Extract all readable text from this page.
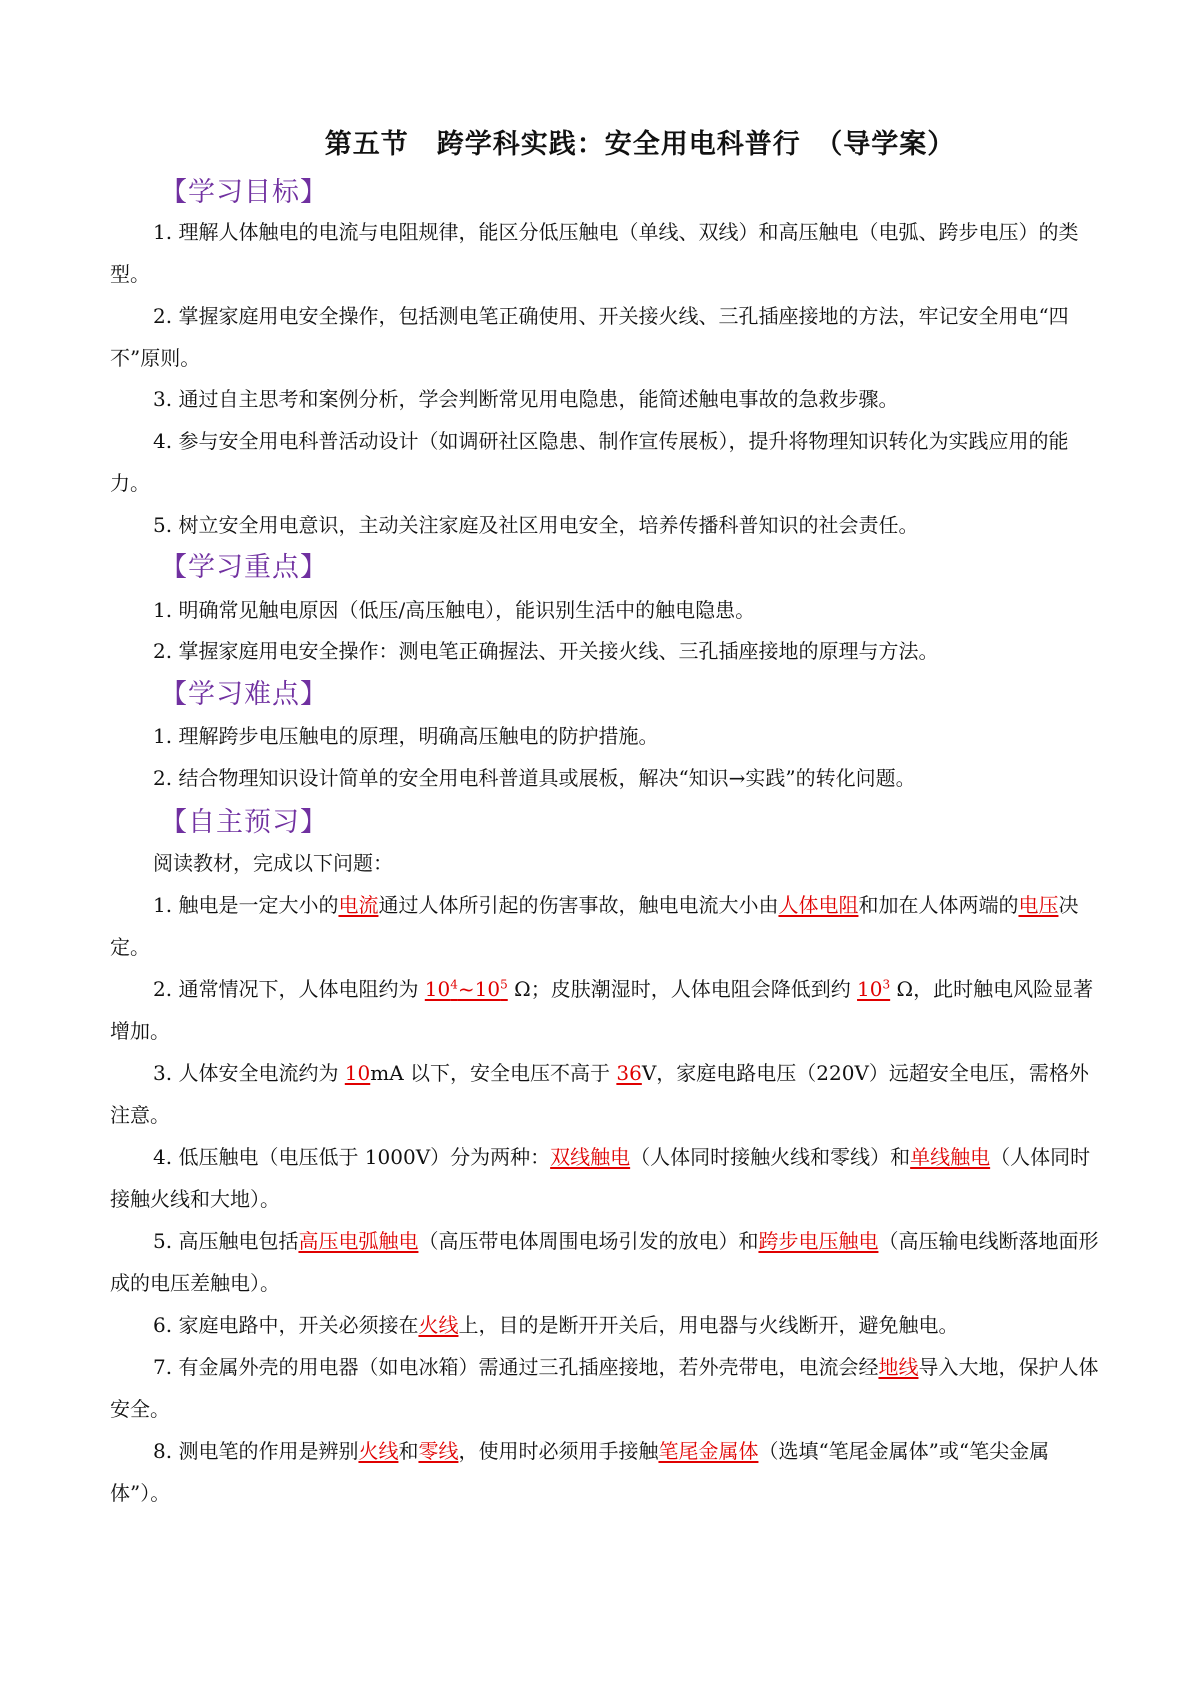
第五节　跨学科实践：安全用电科普行　（导学案）
【学习目标】
1. 理解人体触电的电流与电阻规律，能区分低压触电（单线、双线）和高压触电（电弧、跨步电压）的类型。
2. 掌握家庭用电安全操作，包括测电笔正确使用、开关接火线、三孔插座接地的方法，牢记安全用电“四不”原则。
3. 通过自主思考和案例分析，学会判断常见用电隐患，能简述触电事故的急救步骤。
4. 参与安全用电科普活动设计（如调研社区隐患、制作宣传展板），提升将物理知识转化为实践应用的能力。
5. 树立安全用电意识，主动关注家庭及社区用电安全，培养传播科普知识的社会责任。
【学习重点】
1. 明确常见触电原因（低压/高压触电），能识别生活中的触电隐患。
2. 掌握家庭用电安全操作：测电笔正确握法、开关接火线、三孔插座接地的原理与方法。
【学习难点】
1. 理解跨步电压触电的原理，明确高压触电的防护措施。
2. 结合物理知识设计简单的安全用电科普道具或展板，解决“知识→实践”的转化问题。
【自主预习】
阅读教材，完成以下问题：
1. 触电是一定大小的电流通过人体所引起的伤害事故，触电电流大小由人体电阻和加在人体两端的电压决定。
2. 通常情况下，人体电阻约为 $10^4\sim 10^5$ Ω；皮肤潮湿时，人体电阻会降低到约 $10^3$ Ω，此时触电风险显著增加。
3. 人体安全电流约为 10mA 以下，安全电压不高于 36V，家庭电路电压（220V）远超安全电压，需格外注意。
4. 低压触电（电压低于 1000V）分为两种：双线触电（人体同时接触火线和零线）和单线触电（人体同时接触火线和大地）。
5. 高压触电包括高压电弧触电（高压带电体周围电场引发的放电）和跨步电压触电（高压输电线断落地面形成的电压差触电）。
6. 家庭电路中，开关必须接在火线上，目的是断开开关后，用电器与火线断开，避免触电。
7. 有金属外壳的用电器（如电冰箱）需通过三孔插座接地，若外壳带电，电流会经地线导入大地，保护人体安全。
8. 测电笔的作用是辨别火线和零线，使用时必须用手接触笔尾金属体（选填“笔尾金属体”或“笔尖金属体”）。
